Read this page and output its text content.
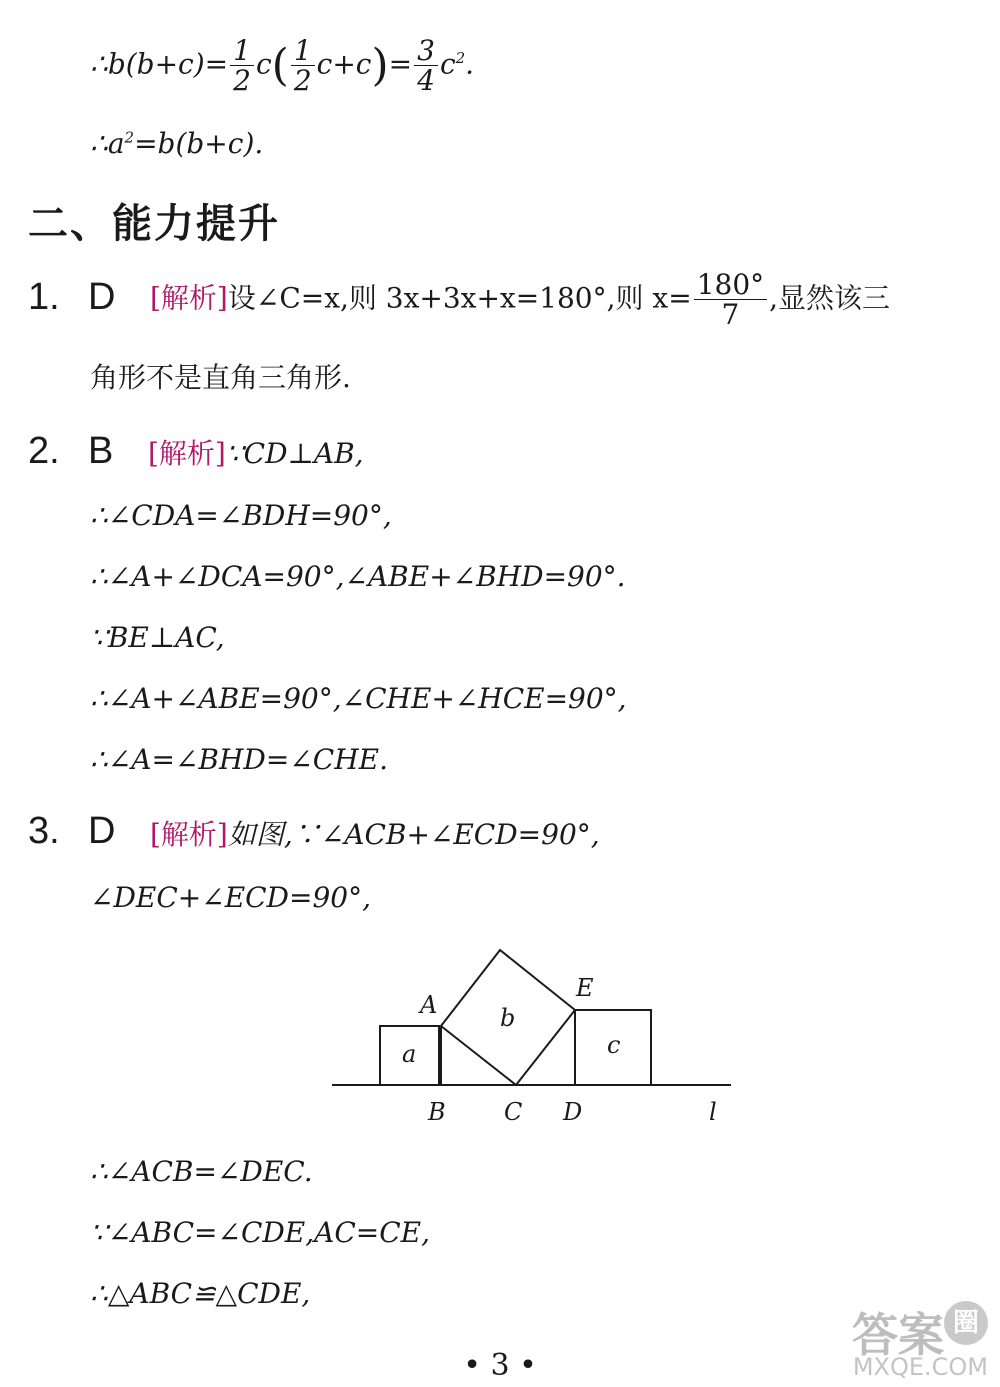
∴b(b+c)= $\frac{1}{2} c( \frac{1}{2} c+c)= \frac{3}{4} c^2$.
$\therefore a^2=b(b+c)$.
二、能力提升
1. D [解析]设∠C=x,则 3x+3x+x=180°,则 $x= \frac{180^\circ}{7}$ ,显然该三
角形不是直角三角形.
2. B [解析]∵CD⊥AB,
∴∠CDA=∠BDH=90°,
∴∠A+∠DCA=90°,∠ABE+∠BHD=90°.
∵BE⊥AC,
∴∠A+∠ABE=90°,∠CHE+∠HCE=90°,
∴∠A=∠BHD=∠CHE.
3. D [解析]如图,∵∠ACB+∠ECD=90°,
∠DEC+∠ECD=90°,
A
E
B C D	l
a
b
c
∴∠ACB=∠DEC.
∵∠ABC=∠CDE,AC=CE,
∴△ABC≌△CDE,
• 3 •
答案 圈
MXQE.COM
